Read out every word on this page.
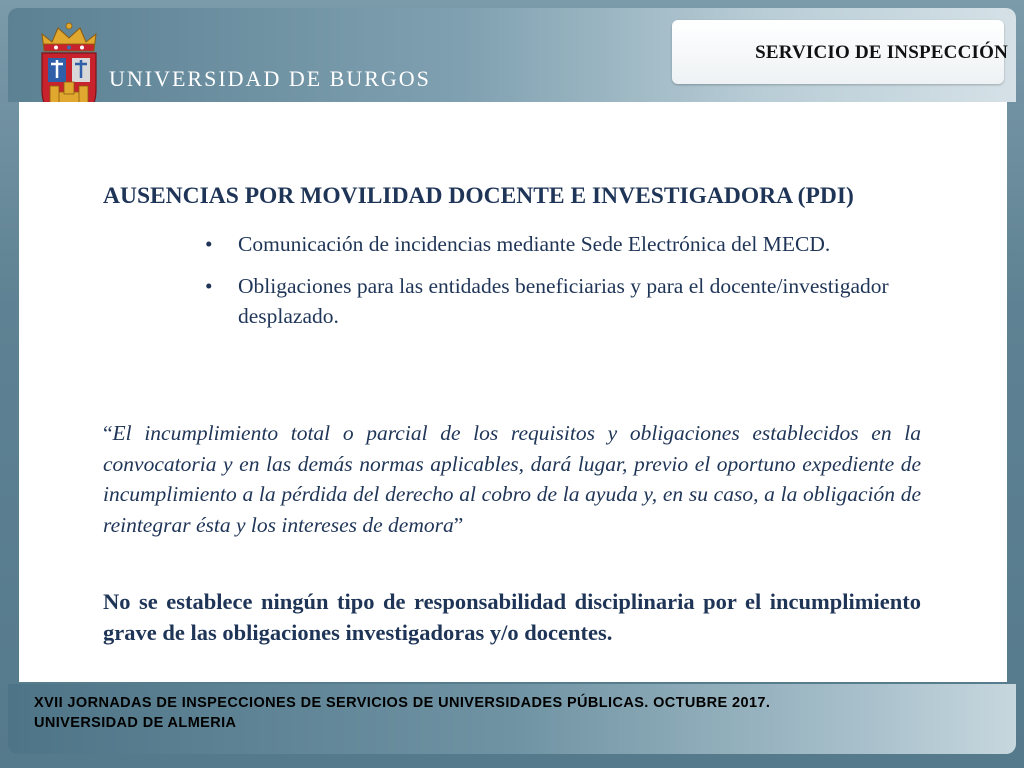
UNIVERSIDAD DE BURGOS
SERVICIO DE INSPECCIÓN
AUSENCIAS POR MOVILIDAD DOCENTE E INVESTIGADORA (PDI)
•	Comunicación de incidencias mediante Sede Electrónica del MECD.
•	Obligaciones para las entidades beneficiarias y para el docente/investigador desplazado.

“El incumplimiento total o parcial de los requisitos y obligaciones establecidos en la convocatoria y en las demás normas aplicables, dará lugar, previo el oportuno expediente de incumplimiento a la pérdida del derecho al cobro de la ayuda y, en su caso, a la obligación de reintegrar ésta y los intereses de demora”

No se establece ningún tipo de responsabilidad disciplinaria por el incumplimiento grave de las obligaciones investigadoras y/o docentes.

XVII JORNADAS DE INSPECCIONES DE SERVICIOS DE UNIVERSIDADES PÚBLICAS. OCTUBRE 2017.
UNIVERSIDAD DE ALMERIA
